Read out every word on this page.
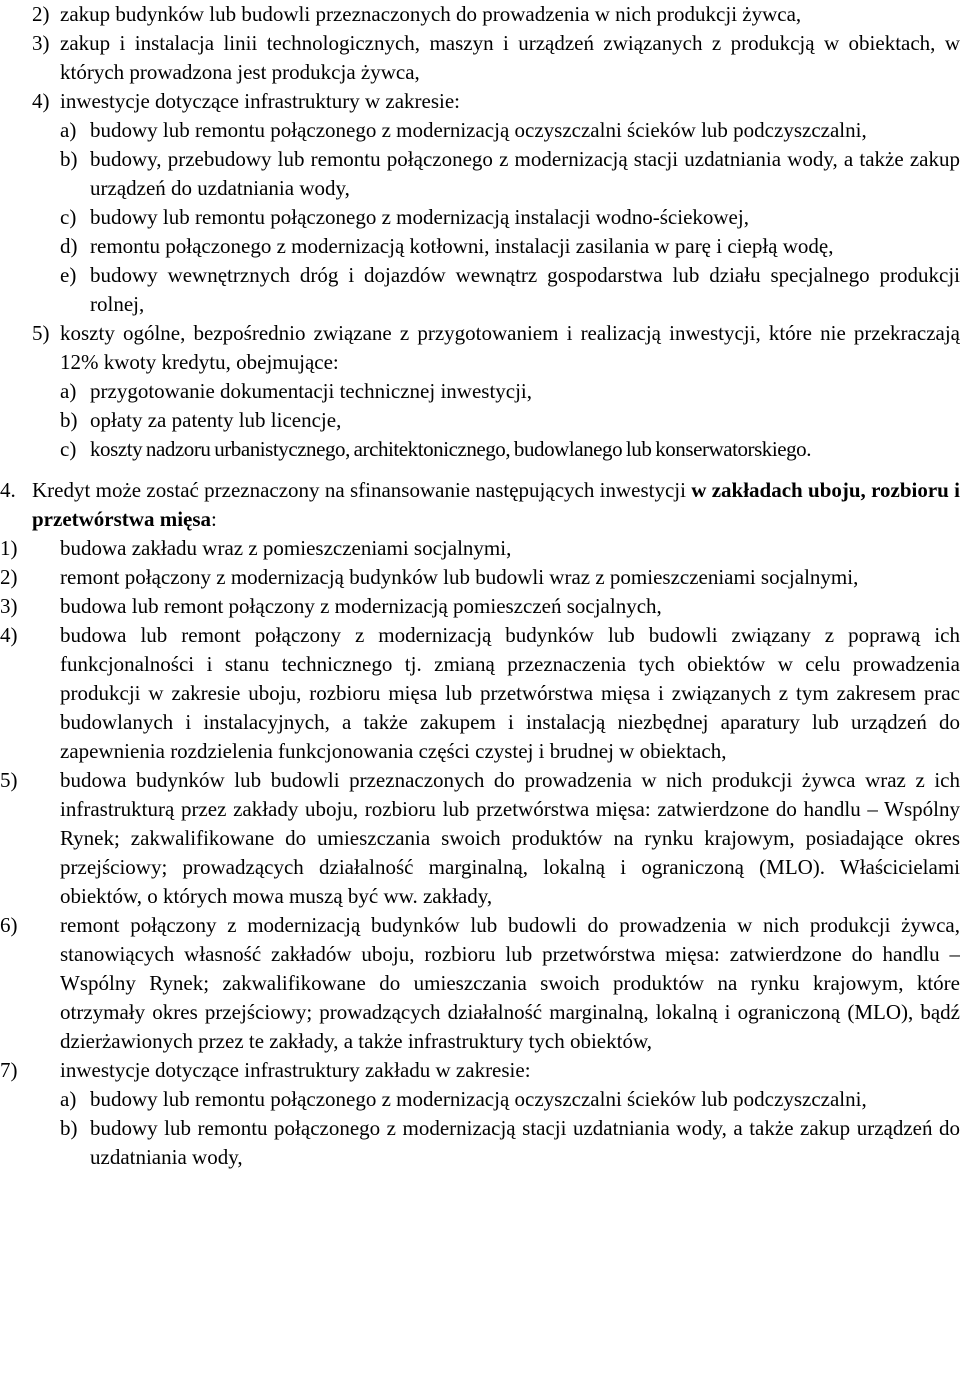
2) zakup budynków lub budowli przeznaczonych do prowadzenia w nich produkcji żywca,
3) zakup i instalacja linii technologicznych, maszyn i urządzeń związanych z produkcją w obiektach, w których prowadzona jest produkcja żywca,
4) inwestycje dotyczące infrastruktury w zakresie:
a) budowy lub remontu połączonego z modernizacją oczyszczalni ścieków lub podczyszczalni,
b) budowy, przebudowy lub remontu połączonego z modernizacją stacji uzdatniania wody, a także zakup urządzeń do uzdatniania wody,
c) budowy lub remontu połączonego z modernizacją instalacji wodno-ściekowej,
d) remontu połączonego z modernizacją kotłowni, instalacji zasilania w parę i ciepłą wodę,
e) budowy wewnętrznych dróg i dojazdów wewnątrz gospodarstwa lub działu specjalnego produkcji rolnej,
5) koszty ogólne, bezpośrednio związane z przygotowaniem i realizacją inwestycji, które nie przekraczają 12% kwoty kredytu, obejmujące:
a) przygotowanie dokumentacji technicznej inwestycji,
b) opłaty za patenty lub licencje,
c) koszty nadzoru urbanistycznego, architektonicznego, budowlanego lub konserwatorskiego.
4. Kredyt może zostać przeznaczony na sfinansowanie następujących inwestycji w zakładach uboju, rozbioru i przetwórstwa mięsa:
1)	budowa zakładu wraz z pomieszczeniami socjalnymi,
2)	remont połączony z modernizacją budynków lub budowli wraz z pomieszczeniami socjalnymi,
3)	budowa lub remont połączony z modernizacją pomieszczeń socjalnych,
4)	budowa lub remont połączony z modernizacją budynków lub budowli związany z poprawą ich funkcjonalności i stanu technicznego tj. zmianą przeznaczenia tych obiektów w celu prowadzenia produkcji w zakresie uboju, rozbioru mięsa lub przetwórstwa mięsa i związanych z tym zakresem prac budowlanych i instalacyjnych, a także zakupem i instalacją niezbędnej aparatury lub urządzeń do zapewnienia rozdzielenia funkcjonowania części czystej i brudnej w obiektach,
5)	budowa budynków lub budowli przeznaczonych do prowadzenia w nich produkcji żywca wraz z ich infrastrukturą przez zakłady uboju, rozbioru lub przetwórstwa mięsa: zatwierdzone do handlu – Wspólny Rynek; zakwalifikowane do umieszczania swoich produktów na rynku krajowym, posiadające okres przejściowy; prowadzących działalność marginalną, lokalną i ograniczoną (MLO). Właścicielami obiektów, o których mowa muszą być ww. zakłady,
6)	remont połączony z modernizacją budynków lub budowli do prowadzenia w nich produkcji żywca, stanowiących własność zakładów uboju, rozbioru lub przetwórstwa mięsa: zatwierdzone do handlu – Wspólny Rynek; zakwalifikowane do umieszczania swoich produktów na rynku krajowym, które otrzymały okres przejściowy; prowadzących działalność marginalną, lokalną i ograniczoną (MLO), bądź dzierżawionych przez te zakłady, a także infrastruktury tych obiektów,
7)	inwestycje dotyczące infrastruktury zakładu w zakresie:
a) budowy lub remontu połączonego z modernizacją oczyszczalni ścieków lub podczyszczalni,
b) budowy lub remontu połączonego z modernizacją stacji uzdatniania wody, a także zakup urządzeń do uzdatniania wody,
